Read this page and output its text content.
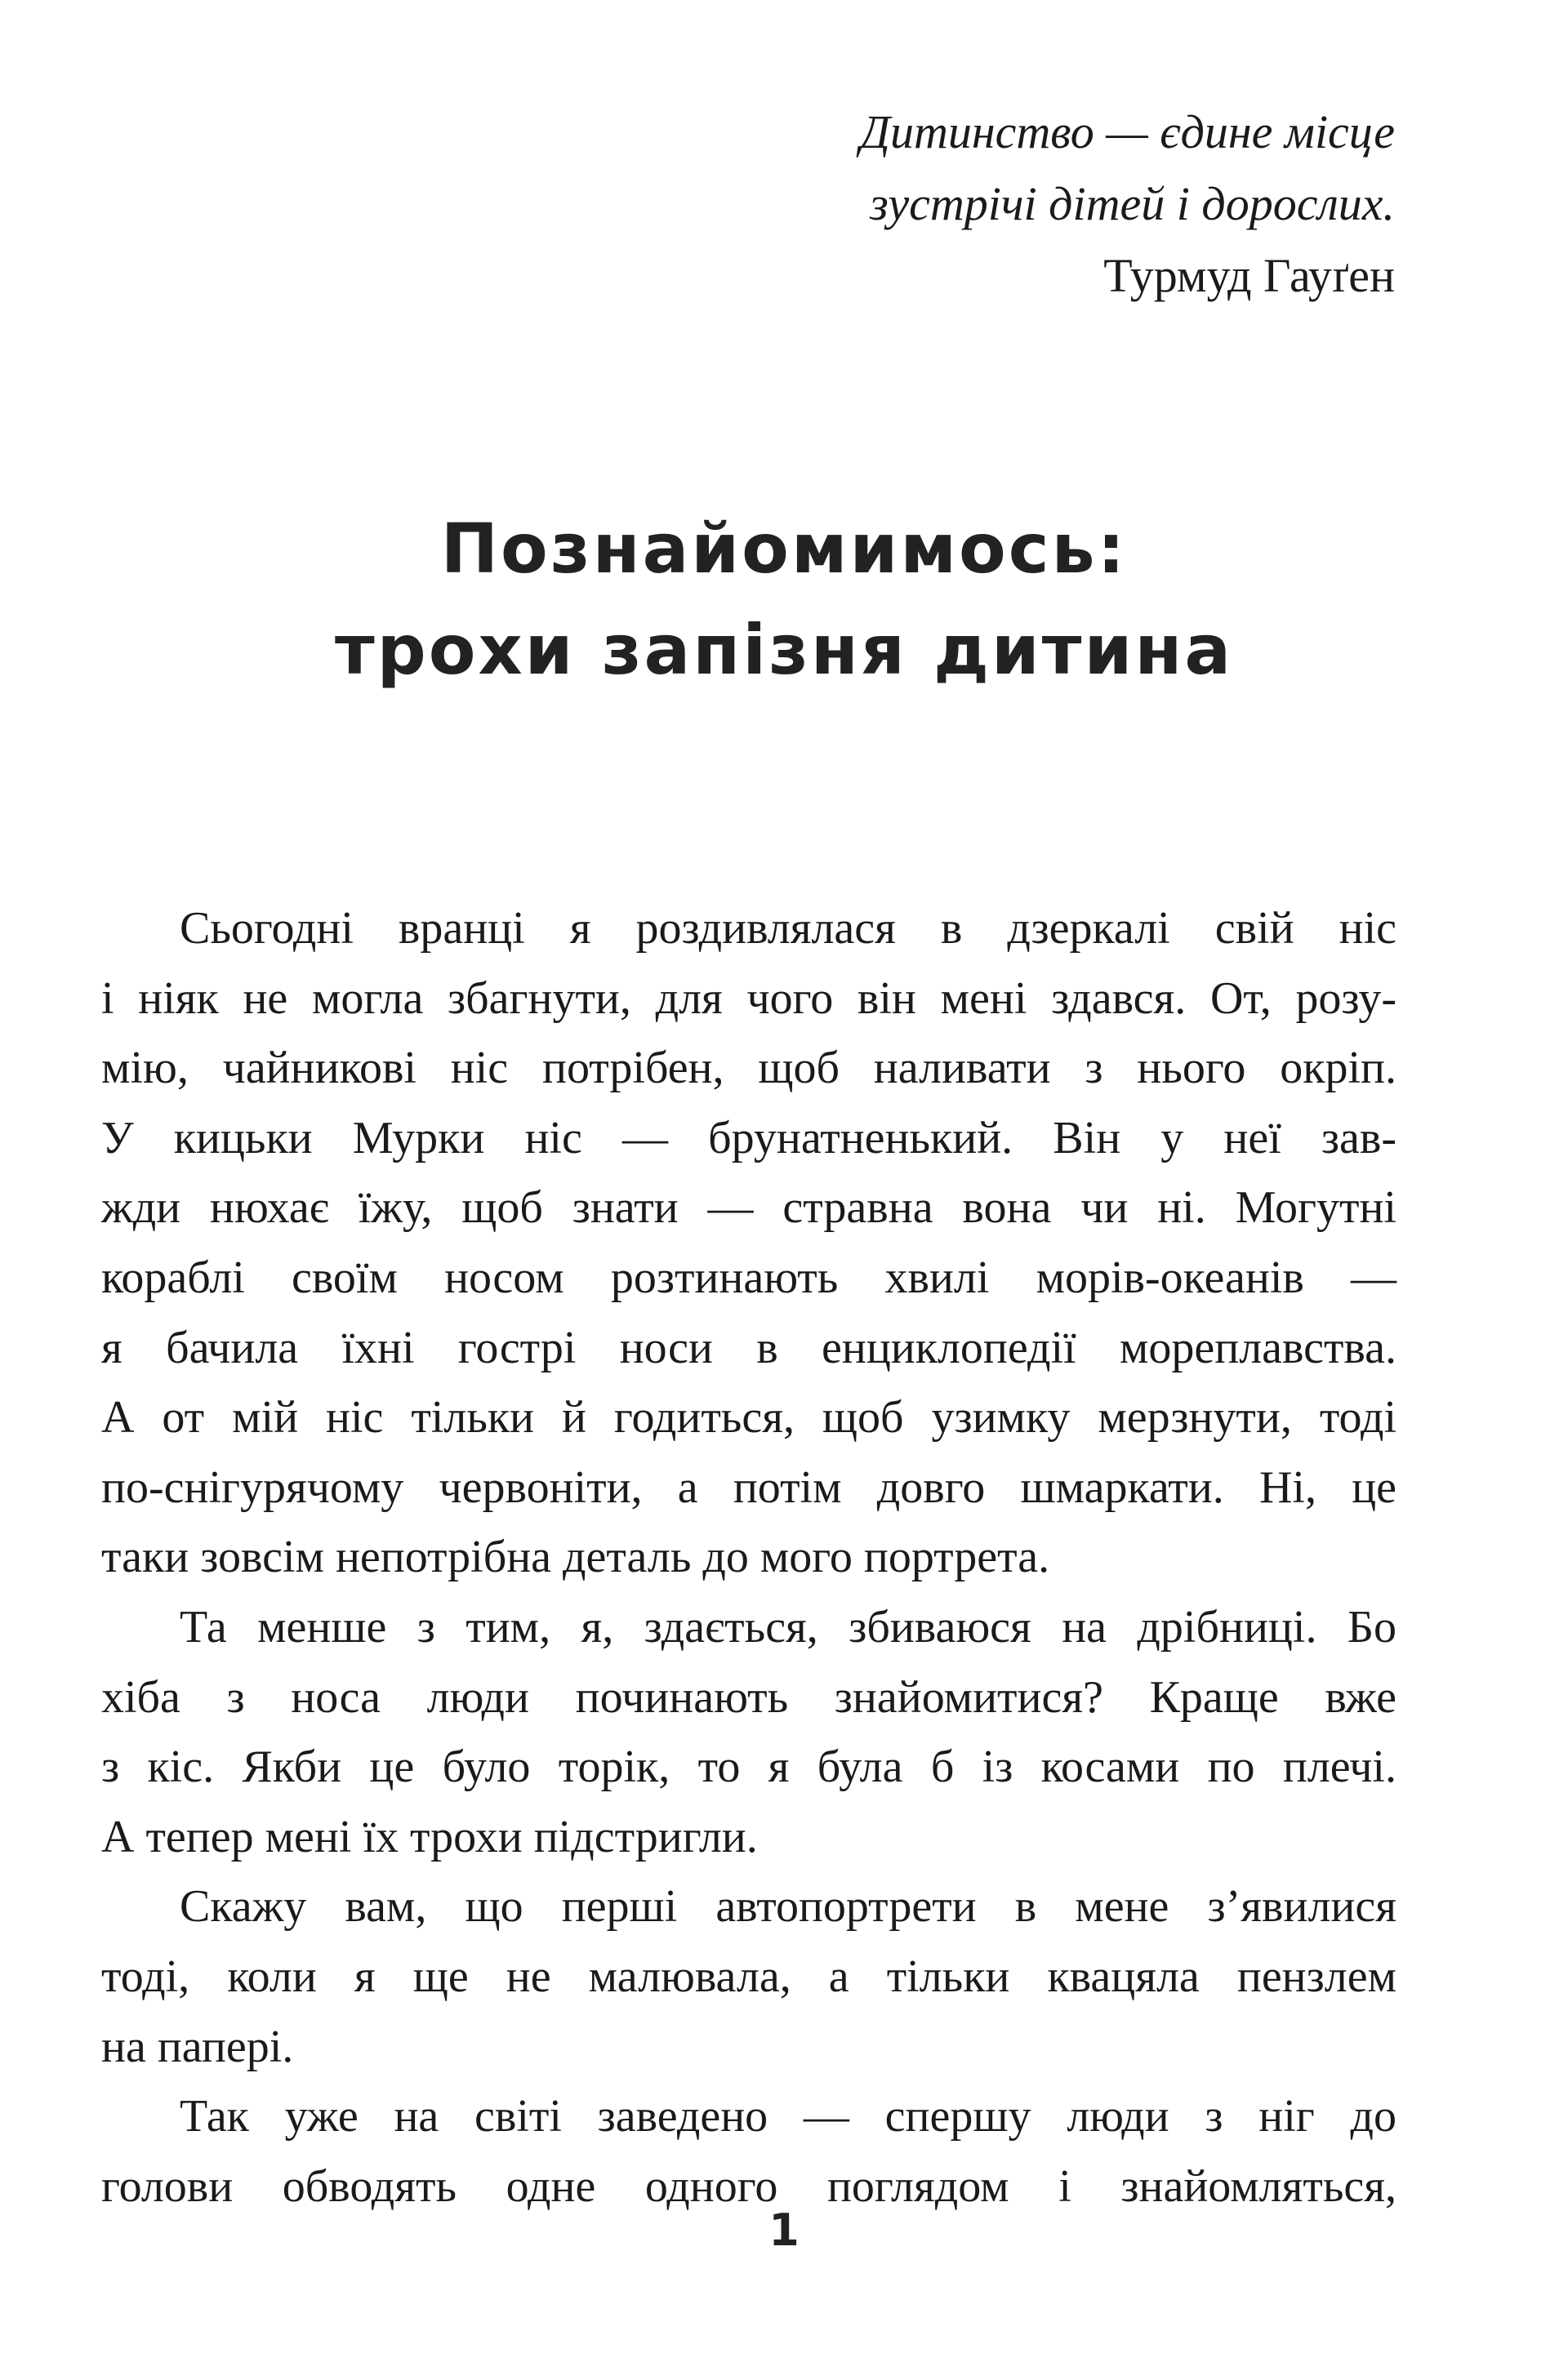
Дитинство — єдине місце
зустрічі дітей і дорослих.
Турмуд Гауґен
Познайомимось:
трохи запізня дитина
Сьогодні вранці я роздивлялася в дзеркалі свій ніс
і ніяк не могла збагнути, для чого він мені здався. От, розу-
мію, чайникові ніс потрібен, щоб наливати з нього окріп.
У кицьки Мурки ніс — брунатненький. Він у неї зав-
жди нюхає їжу, щоб знати — стравна вона чи ні. Могутні
кораблі своїм носом розтинають хвилі морів-океанів —
я бачила їхні гострі носи в енциклопедії мореплавства.
А от мій ніс тільки й годиться, щоб узимку мерзнути, тоді
по-снігурячому червоніти, а потім довго шмаркати. Ні, це
таки зовсім непотрібна деталь до мого портрета.
Та менше з тим, я, здається, збиваюся на дрібниці. Бо
хіба з носа люди починають знайомитися? Краще вже
з кіс. Якби це було торік, то я була б із косами по плечі.
А тепер мені їх трохи підстригли.
Скажу вам, що перші автопортрети в мене з’явилися
тоді, коли я ще не малювала, а тільки квацяла пензлем
на папері.
Так уже на світі заведено — спершу люди з ніг до
голови обводять одне одного поглядом і знайомляться,
1
